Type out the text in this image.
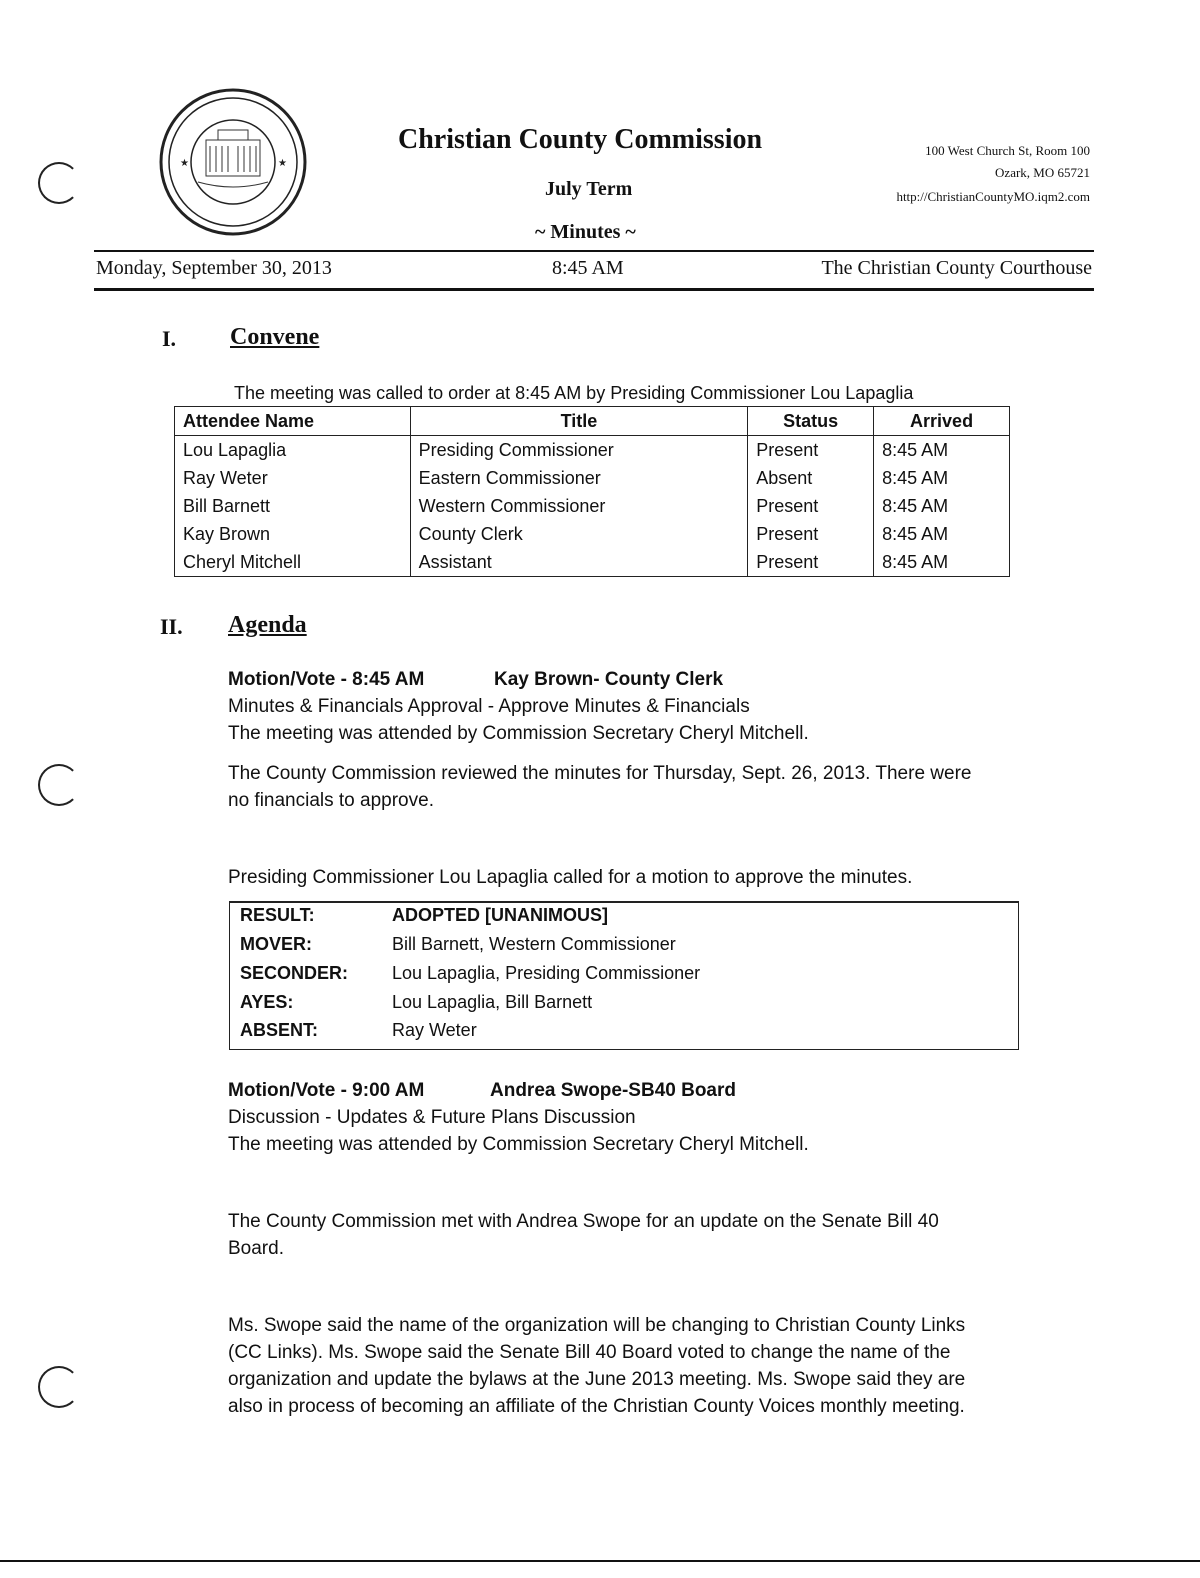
★	★
Christian County Commission
July Term
~ Minutes ~
100 West Church St, Room 100
Ozark, MO 65721
http://ChristianCountyMO.iqm2.com
Monday, September 30, 2013	8:45 AM	The Christian County Courthouse
I. Convene
The meeting was called to order at 8:45 AM by Presiding Commissioner Lou Lapaglia
Attendee Name	Title	Status	Arrived
Lou Lapaglia	Presiding Commissioner	Present	8:45 AM
Ray Weter	Eastern Commissioner	Absent	8:45 AM
Bill Barnett	Western Commissioner	Present	8:45 AM
Kay Brown	County Clerk	Present	8:45 AM
Cheryl Mitchell	Assistant	Present	8:45 AM
II. Agenda
Motion/Vote - 8:45 AM	Kay Brown- County Clerk
Minutes & Financials Approval - Approve Minutes & Financials
The meeting was attended by Commission Secretary Cheryl Mitchell.
The County Commission reviewed the minutes for Thursday, Sept. 26, 2013. There were
no financials to approve.
Presiding Commissioner Lou Lapaglia called for a motion to approve the minutes.
RESULT:	ADOPTED [UNANIMOUS]
MOVER:	Bill Barnett, Western Commissioner
SECONDER: Lou Lapaglia, Presiding Commissioner
AYES:	Lou Lapaglia, Bill Barnett
ABSENT:	Ray Weter
Motion/Vote - 9:00 AM	Andrea Swope-SB40 Board
Discussion - Updates & Future Plans Discussion
The meeting was attended by Commission Secretary Cheryl Mitchell.
The County Commission met with Andrea Swope for an update on the Senate Bill 40
Board.
Ms. Swope said the name of the organization will be changing to Christian County Links
(CC Links). Ms. Swope said the Senate Bill 40 Board voted to change the name of the
organization and update the bylaws at the June 2013 meeting. Ms. Swope said they are
also in process of becoming an affiliate of the Christian County Voices monthly meeting.
